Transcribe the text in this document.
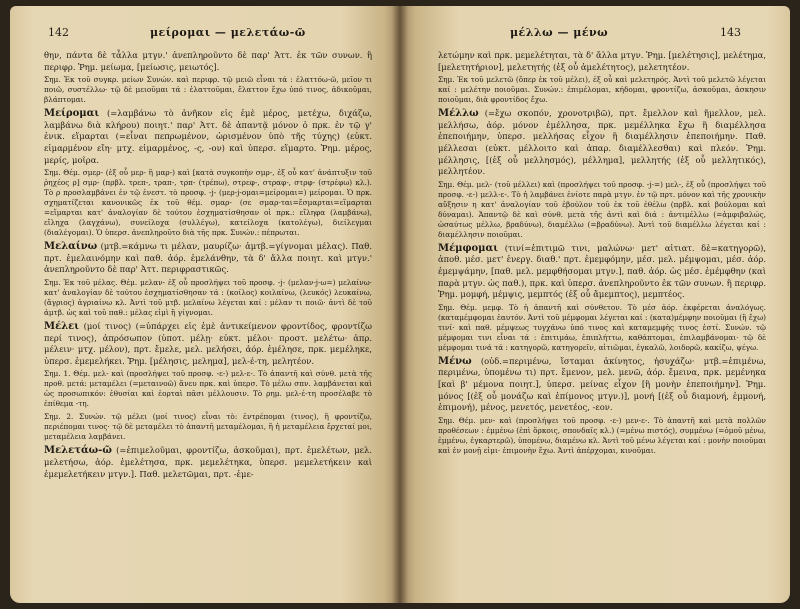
142	μείρομαι — μελετάω-ῶ

θην, πάντα δὲ τἆλλα μτγν.' ἀνεπληροῦντο δὲ παρ' Ἀττ. ἐκ τῶν συνων. ἢ περιφρ. Ῥημ. μείωμα, [μείωσις, μειωτός].

Σημ. Ἐκ τοῦ συγκρ. μείων Συνών. καὶ περιφρ. τῷ μειῶ εἶναι τά : ἐλαττόω-ῶ, μεῖον τι ποιῶ, συστέλλω· τῷ δὲ μειοῦμαι τά : ἐλαττοῦμαι, ἔλαττον ἔχω ὑπό τινος, ἀδικοῦμαι, βλάπτομαι.

Μείρομαι (=λαμβάνω τὸ ἀνῆκον εἰς ἐμὲ μέρος, μετέχω, διχάζω, λαμβάνω διὰ κλήρου) ποιητ.' παρ' Ἀττ. δὲ ἀπαντᾷ μόνον ὁ πρκ. ἐν τῷ γ' ἑνικ. εἵμαρται (=εἶναι πεπρωμένον, ὡρισμένον ὑπὸ τῆς τύχης) (εὐκτ. εἱμαρμένον εἴη· μτχ. εἱμαρμένος, -ς, -ον) καὶ ὑπερσ. εἵμαρτο. Ῥημ. μέρος, μερίς, μοῖρα.

Σημ. Θέμ. σμερ- (ἐξ οὗ μερ- ἢ μαρ-) καὶ [κατὰ συγκοπὴν σμρ-, ἐξ οὗ κατ' ἀνάπτυξιν τοῦ ῥηχέος ρ] σμρ- (πρβλ. τρεπ-, τραπ-, τρπ- (τρέπω), στρεφ-, στραφ-, στρφ- (στρέφω) κλ.). Τὸ ρ προσλαμβάνει ἐν τῷ ἐνεστ. τὸ προσφ. -j- (μερ-j-ομαι=μείρομαι=) μείρομαι. Ὁ πρκ. σχηματίζεται κανονικῶς ἐκ τοῦ θέμ. σμαρ- (σε σμαρ-ται=ἔσμαρται=εἵμαρται =εἵμαρται κατ' ἀναλογίαν δὲ τούτου ἐσχηματίσθησαν οἱ πρκ.: εἴληφα (λαμβάνω), εἴληχα (λαγχάνω), συνείλοχα (συλλέγω), κατείλοχα (κατολέγω), διείλεγμαι (διαλέγομαι). Ὁ ὑπερσ. ἀνεπληροῦτο διὰ τῆς πρκ. Συνών.: πέπρωται.

Μελαίνω (μτβ.=κάμνω τι μέλαν, μαυρίζω· ἀμτβ.=γίγνομαι μέλας). Παθ. πρτ. ἐμελαινόμην καὶ παθ. ἀόρ. ἐμελάνθην, τὰ δ' ἄλλα ποιητ. καὶ μτγν.' ἀνεπληροῦντο δὲ παρ' Ἀττ. περιφραστικῶς.

Σημ. Ἐκ τοῦ μέλας. Θέμ. μελαν- ἐξ οὗ προσλήψει τοῦ προσφ. -j- (μελαν-j-ω=) μελαίνω· κατ' ἀναλογίαν δὲ τούτου ἐσχηματίσθησαν τά : (κοίλος) κοιλαίνω, (λευκός) λευκαίνω, (ἄγριος) ἀγριαίνω κλ. Ἀντὶ τοῦ μτβ. μελαίνω λέγεται καί : μέλαν τι ποιῶ· ἀντὶ δὲ τοῦ ἀμτβ. ὡς καὶ τοῦ παθ.: μέλας εἰμὶ ἢ γίγνομαι.

Μέλει (μοί τινος) (=ὑπάρχει εἰς ἐμὲ ἀντικείμενον φροντίδος, φροντίζω περί τινος), ἀπρόσωπον (ὑποτ. μέλῃ· εὐκτ. μέλοι· προστ. μελέτω· ἀπρ. μέλειν· μτχ. μέλον), πρτ. ἔμελε, μελ. μελήσει, ἀόρ. ἐμέλησε, πρκ. μεμέληκε, ὑπερσ. ἐμεμελήκει. Ῥημ. [μέλησις, μελημα], μελ-έ-τη, μελητέον.

Σημ. 1. Θέμ. μελ- καὶ (προσλήψει τοῦ προσφ. -ε-) μελ-ε-. Τὸ ἀπαντῆ καὶ σύνθ. μετὰ τῆς προθ. μετά: μεταμέλει (=μεταινοῶ) ἄνευ πρκ. καὶ ὑπερσ. Τὸ μέλω σπν. λαμβάνεται καὶ ὡς προσωπικόν: ἐθυσίαι καὶ ἑορταὶ πᾶσι μέλλουσιν. Τὸ ρημ. μελ-έ-τη προσέλαβε τὸ ἐπίθεμα -τη.

Σημ. 2. Συνών. τῷ μέλει (μοί τινος) εἶναι τὸ: ἐντρέπομαι (τινος), ἢ φροντίζω, περιέπομαι τινος· τῷ δὲ μεταμέλει τὸ ἀπαντῆ μεταμέλομαι, ἢ ἡ μεταμέλεια ἔρχεταί μοι, μεταμέλεια λαμβάνει.

Μελετάω-ῶ (=ἐπιμελοῦμαι, φροντίζω, ἀσκοῦμαι), πρτ. ἐμελέτων, μελ. μελετήσω, ἀόρ. ἐμελέτησα, πρκ. μεμελέτηκα, ὑπερσ. μεμελετήκειν καὶ ἐμεμελετήκειν μτγν.]. Παθ. μελετῶμαι, πρτ. -ἐμε-

μέλλω — μένω	143

λετώμην καὶ πρκ. μεμελέτηται, τὰ δ' ἄλλα μτγν. Ῥημ. [μελέτησις], μελέτημα, [μελετητήριον], μελετητής (ἐξ οὗ ἀμελέτητος), μελετητέον.

Σημ. Ἐκ τοῦ μελετῶ (ὅπερ ἐκ τοῦ μέλει), ἐξ οὗ καὶ μελετηρός. Ἀντὶ τοῦ μελετῶ λέγεται καί : μελέτην ποιοῦμαι. Συνών.: ἐπιμέλομαι, κήδομαι, φροντίζω, ἀσκοῦμαι, ἀσκησιν ποιοῦμαι, διὰ φροντίδος ἔχω.

Μέλλω (=ἔχω σκοπόν, χρονοτριβῶ), πρτ. ἔμελλον καὶ ἤμελλον, μελ. μελλήσω, ἀόρ. μόνον ἐμέλλησα, πρκ. μεμέλληκα ἔχω ἢ διαμέλλησα ἐπεποιήμην, ὑπερσ. μελλήσας εἶχον ἢ διαμέλλησιν ἐπεποιήμην. Παθ. μέλλεσαι (εὐκτ. μέλλοιτο καὶ ἀπαρ. διαμέλλεσθαι) καὶ πλεόν. Ῥημ. μέλλησις, [(ἐξ οὗ μελλησμός), μέλλημα], μελλητής (ἐξ οὗ μελλητικός), μελλητέον.

Σημ. Θέμ. μελ- (τοῦ μέλλει) καὶ (προσλήψει τοῦ προσφ. -j-=) μελ-, ἐξ οὗ (προσλήψει τοῦ προσφ. -ε-) μελλ-ε-. Τὸ ἡ λαμβάνει ἐνίοτε παρὰ μτγν. ἐν τῷ πρτ. μόνον καὶ τῆς χρονικὴν αὔξησιν η κατ' ἀναλογίαν τοῦ ἐβούλον τοῦ ἐκ τοῦ ἐθέλω (πρβλ. καὶ βούλομαι καὶ δύναμαι). Ἀπαντῷ δὲ καὶ σύνθ. μετὰ τῆς ἀντὶ καὶ διά : ἀντιμέλλω (=ἀμφιβαλώς, ὡσαύτως μέλλω, βραδύνω), διαμέλλω (=βραδύνω). Ἀντὶ τοῦ διαμέλλω λέγεται καί : διαμέλλησιν ποιοῦμαι.

Μέμφομαι (τινί=ἐπιτιμῶ τινι, μαλώνω· μετ' αἰτιατ. δὲ=κατηγορῶ), ἀποθ. μέσ. μετ' ἐνεργ. διαθ.' πρτ. ἐμεμφόμην, μέσ. μελ. μέμψομαι, μέσ. ἀόρ. ἐμεμψάμην, [παθ. μελ. μεμφθήσομαι μτγν.], παθ. ἀόρ. ὡς μέσ. ἐμέμφθην (καὶ παρὰ μτγν. ὡς παθ.), πρκ. καὶ ὑπερσ. ἀνεπληροῦντο ἐκ τῶν συνων. ἢ περιφρ. Ῥημ. μομφή, μέμψις, μεμπτός (ἐξ οὗ ἄμεμπτος), μεμπτέος.

Σημ. Θέμ. μεμφ. Τὸ ἡ ἀπαντῆ καὶ σύνθετον. Τὸ μέσ ἀόρ. ἐκφέρεται ἀναλόγως. (καταμέμφομαι ἑαυτόν. Ἀντὶ τοῦ μέμφομαι λέγεται καί : (κατα)μέμφην ποιοῦμαι (ἢ ἔχω) τινί· καὶ παθ. μέμψεως τυγχάνω ὑπό τινος καὶ καταμεμφὴς τινος ἐστί. Συνών. τῷ μέμφομαι τινι εἶναι τά : ἐπιτιμάω, ἐπιπλήττω, καθάπτομαι, ἐπιλαμβάνομαι· τῷ δὲ μέμφομαι τινά τά : κατηγορῶ, κατηγορεῖν, αἰτιῶμαι, ἐγκαλῶ, λοιδορῶ, κακίζω, ψέγω.

Μένω (οὐδ.=περιμένω, ἵσταμαι ἀκίνητος, ἡσυχάζω· μτβ.=ἐπιμένω, περιμένω, ὑπομένω τι) πρτ. ἔμενον, μελ. μενῶ, ἀόρ. ἔμεινα, πρκ. μεμένηκα [καὶ β' μέμονα ποιητ.], ὑπερσ. μείνας εἶχον [ἢ μονὴν ἐπεποιήμην]. Ῥημ. μόνος [(ἐξ οὗ μονάζω καὶ ἐπίμονος μτγν.)], μονή [(ἐξ οὗ διαμονή, ἐμμονή, ἐπιμονή), μένος, μενετός, μενετέος, -εον.

Σημ. Θέμ. μεν- καὶ (προσλήψει τοῦ προσφ. -ε-) μεν-ε-. Τὸ ἀπαντῆ καὶ μετὰ πολλῶν προθέσεων : ἐμμένω (ἐπὶ ὅρκοις, σπονδαῖς κλ.) (=μένω πιστός), συμμένω (=ὁμοῦ μένω, ἐμμένω, ἐγκαρτερῶ), ὑπομένω, διαμένω κλ. Ἀντὶ τοῦ μένω λέγεται καί : μονὴν ποιοῦμαι καὶ ἐν μονῇ εἰμι· ἐπιμονὴν ἔχω. Ἀντὶ ἀπέρχομαι, κινοῦμαι.
